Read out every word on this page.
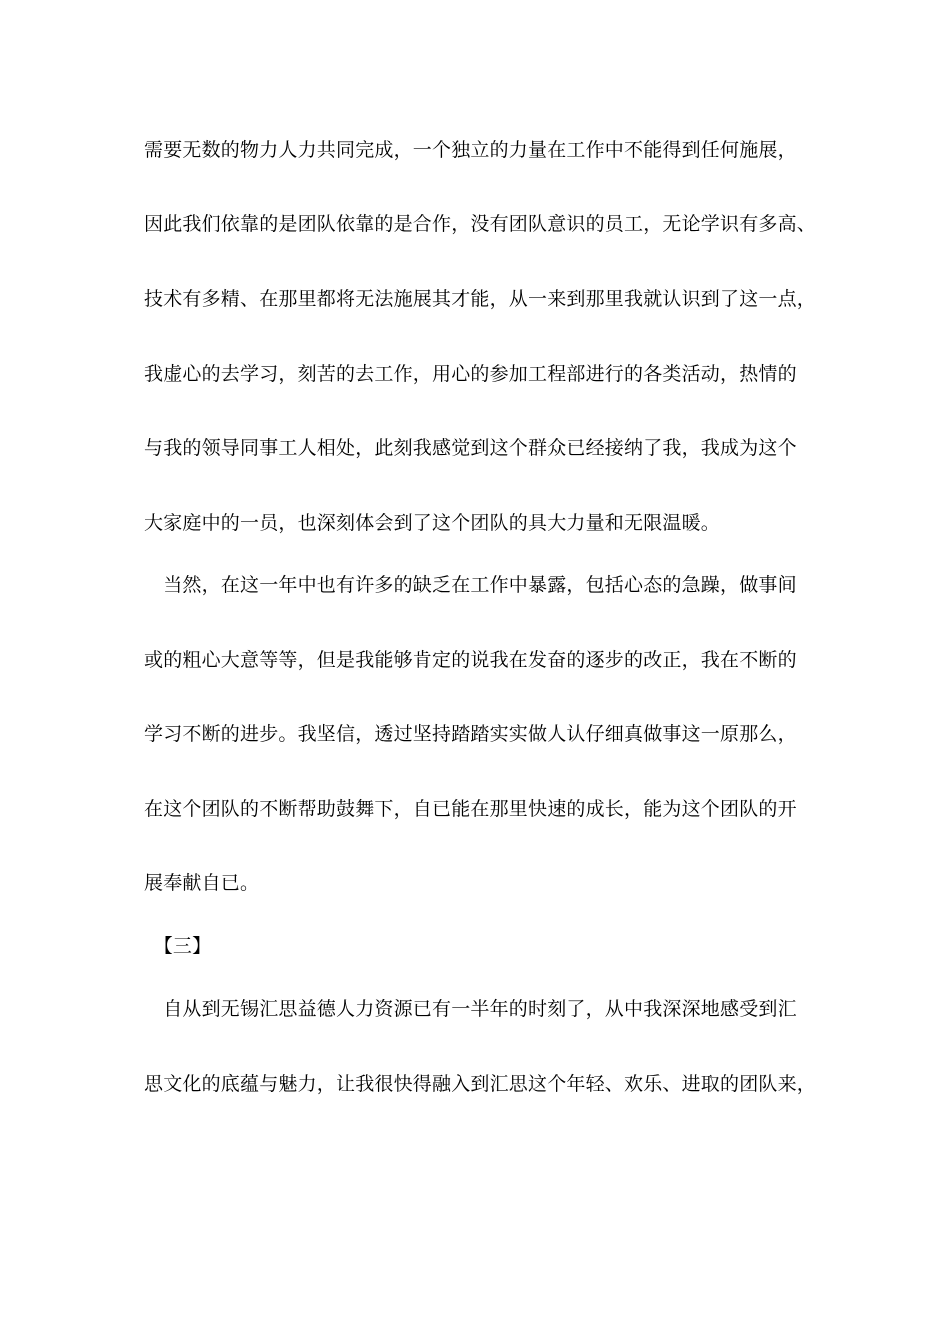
需要无数的物力人力共同完成，一个独立的力量在工作中不能得到任何施展，
因此我们依靠的是团队依靠的是合作，没有团队意识的员工，无论学识有多高、
技术有多精、在那里都将无法施展其才能，从一来到那里我就认识到了这一点，
我虚心的去学习，刻苦的去工作，用心的参加工程部进行的各类活动，热情的
与我的领导同事工人相处，此刻我感觉到这个群众已经接纳了我，我成为这个
大家庭中的一员，也深刻体会到了这个团队的具大力量和无限温暖。
　当然，在这一年中也有许多的缺乏在工作中暴露，包括心态的急躁，做事间
或的粗心大意等等，但是我能够肯定的说我在发奋的逐步的改正，我在不断的
学习不断的进步。我坚信，透过坚持踏踏实实做人认仔细真做事这一原那么，
在这个团队的不断帮助鼓舞下，自已能在那里快速的成长，能为这个团队的开
展奉献自已。
　【三】
　自从到无锡汇思益德人力资源已有一半年的时刻了，从中我深深地感受到汇
思文化的底蕴与魅力，让我很快得融入到汇思这个年轻、欢乐、进取的团队来，
